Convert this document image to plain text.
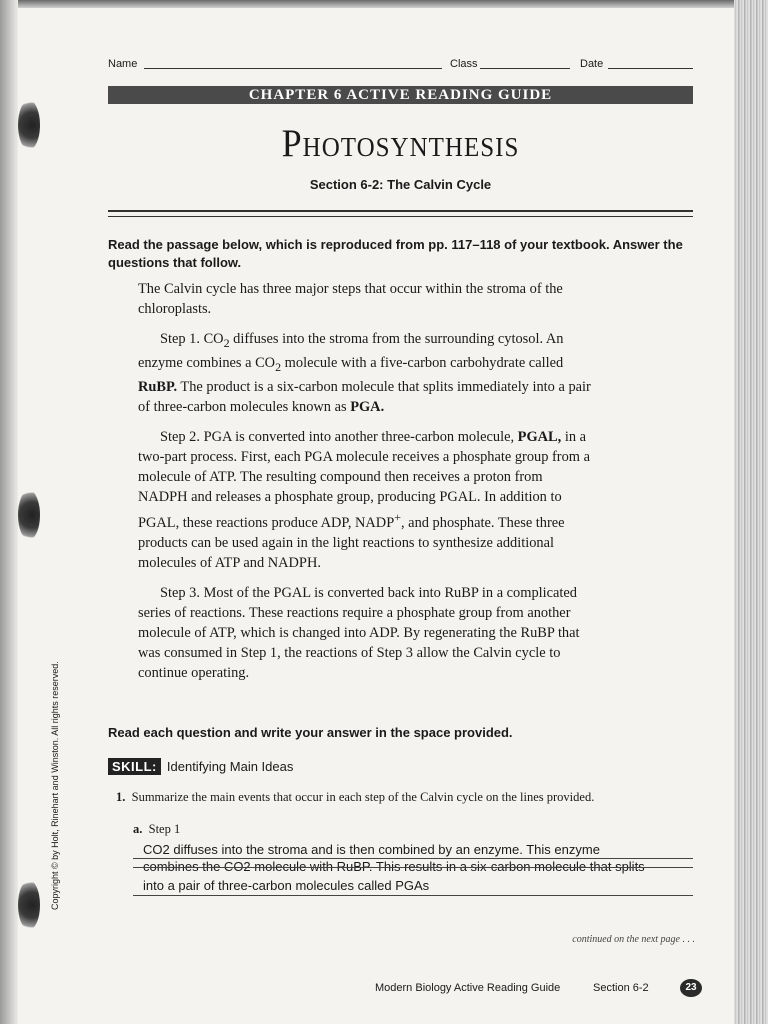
Name	Class	Date
CHAPTER 6 ACTIVE READING GUIDE
Photosynthesis
Section 6-2: The Calvin Cycle
Read the passage below, which is reproduced from pp. 117–118 of your textbook. Answer the questions that follow.

The Calvin cycle has three major steps that occur within the stroma of the chloroplasts.

Step 1. $CO_2$ diffuses into the stroma from the surrounding cytosol. An enzyme combines a $CO_2$ molecule with a five-carbon carbohydrate called RuBP. The product is a six-carbon molecule that splits immediately into a pair of three-carbon molecules known as PGA.

Step 2. PGA is converted into another three-carbon molecule, PGAL, in a two-part process. First, each PGA molecule receives a phosphate group from a molecule of ATP. The resulting compound then receives a proton from NADPH and releases a phosphate group, producing PGAL. In addition to PGAL, these reactions produce ADP, NADP+, and phosphate. These three products can be used again in the light reactions to synthesize additional molecules of ATP and NADPH.

Step 3. Most of the PGAL is converted back into RuBP in a complicated series of reactions. These reactions require a phosphate group from another molecule of ATP, which is changed into ADP. By regenerating the RuBP that was consumed in Step 1, the reactions of Step 3 allow the Calvin cycle to continue operating.

Read each question and write your answer in the space provided.
SKILL: Identifying Main Ideas
1. Summarize the main events that occur in each step of the Calvin cycle on the lines provided.
a. Step 1
CO2 diffuses into the stroma and is then combined by an enzyme. This enzyme
combines the CO2 molecule with RuBP. This results in a six-carbon molecule that splits
into a pair of three-carbon molecules called PGAs
continued on the next page . . .
Modern Biology Active Reading Guide	Section 6-2	23
Copyright © by Holt, Rinehart and Winston. All rights reserved.
